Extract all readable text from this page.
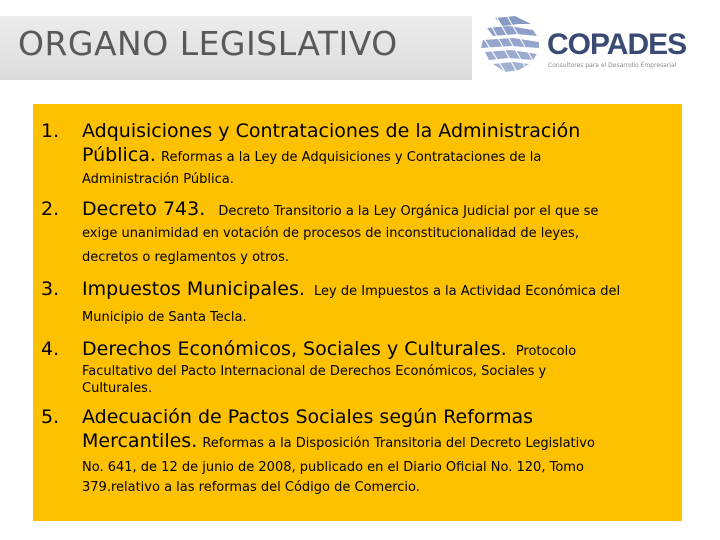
ORGANO LEGISLATIVO	COPADES
Consultores para el Desarrollo Empresarial
1. Adquisiciones y Contrataciones de la Administración
Pública. Reformas a la Ley de Adquisiciones y Contrataciones de la
Administración Pública.
2. Decreto 743. Decreto Transitorio a la Ley Orgánica Judicial por el que se
exige unanimidad en votación de procesos de inconstitucionalidad de leyes,
decretos o reglamentos y otros.
3. Impuestos Municipales. Ley de Impuestos a la Actividad Económica del
Municipio de Santa Tecla.
4. Derechos Económicos, Sociales y Culturales. Protocolo
Facultativo del Pacto Internacional de Derechos Económicos, Sociales y
Culturales.
5. Adecuación de Pactos Sociales según Reformas
Mercantiles. Reformas a la Disposición Transitoria del Decreto Legislativo
No. 641, de 12 de junio de 2008, publicado en el Diario Oficial No. 120, Tomo
379.relativo a las reformas del Código de Comercio.
